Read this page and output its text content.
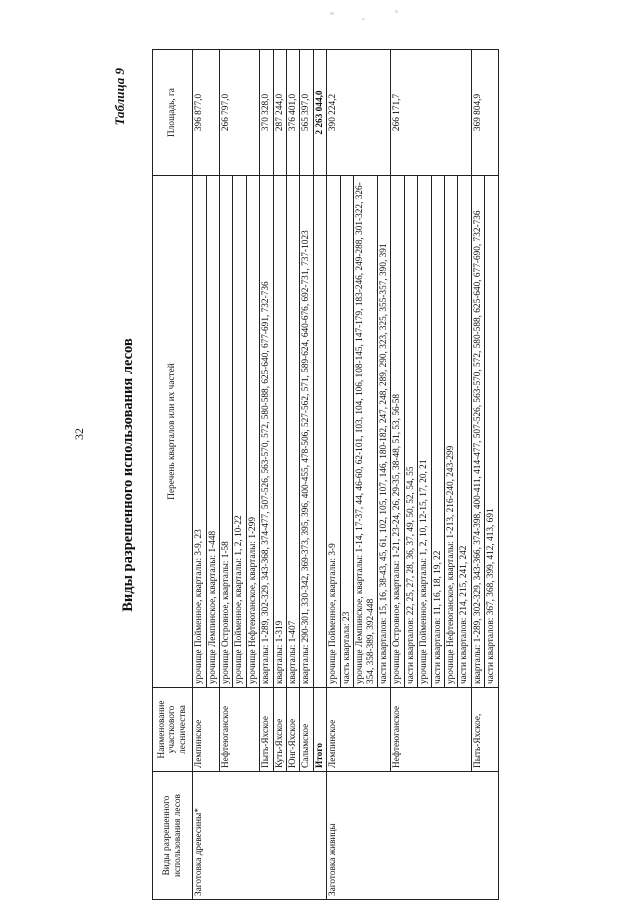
32 Виды разрешенного использования лесов
Таблица 9
Виды разрешенного использования лесов	Наименование участкового лесничества	Перечень кварталов или их частей	Площадь, га
Заготовка древесины*	Лемпинское	урочище Пойменное, кварталы: 3-9, 23	396 877,0
		урочище Лемпинское, кварталы: 1-448	
	Нефтеюганское	урочище Островное, кварталы: 1-58	266 797,0
		урочище Пойменное, кварталы: 1, 2, 10-22	
		урочище Нефтеюганское, кварталы: 1-299	
	Пыть-Яхское	кварталы: 1-289, 302-329, 343-368, 374-477, 507-526, 563-570, 572, 580-588, 625-640, 677-691, 732-736	370 328,0
	Куть-Яхское	кварталы: 1-319	287 244,0
	Юнг-Яхское	кварталы: 1-407	376 401,0
	Салымское	кварталы: 290-301, 330-342, 369-373, 395, 396, 400-455, 478-506, 527-562, 571, 589-624, 640-676, 692-731, 737-1023	565 397,0
	Итого		2 263 044,0
Заготовка живицы	Лемпинское	урочище Пойменное, кварталы: 3-9	390 224,2
		часть квартала: 23	
		урочище Лемпинское, кварталы: 1-14, 17-37, 44, 46-60, 62-101, 103, 104, 106, 108-145, 147-179, 183-246, 249-288, 301-322, 326-354, 358-389, 392-448	
		части кварталов: 15, 16, 38-43, 45, 61, 102, 105, 107, 146, 180-182, 247, 248, 289, 290, 323, 325, 355-357, 390, 391	
	Нефтеюганское	урочище Островное, кварталы: 1-21, 23-24, 26, 29-35, 38-48, 51, 53, 56-58	266 171,7
		части кварталов: 22, 25, 27, 28, 36, 37, 49, 50, 52, 54, 55	
		урочище Пойменное, кварталы: 1, 2, 10, 12-15, 17, 20, 21	
		части кварталов: 11, 16, 18, 19, 22	
		урочище Нефтеюганское, кварталы: 1-213, 216-240, 243-299	
		части кварталов: 214, 215, 241, 242	
	Пыть-Яхское,	кварталы: 1-289, 302-329, 343-366, 374-398, 400-411, 414-477, 507-526, 563-570, 572, 580-588, 625-640, 677-690, 732-736	369 804,9
		части кварталов: 367, 368, 399, 412, 413, 691	
